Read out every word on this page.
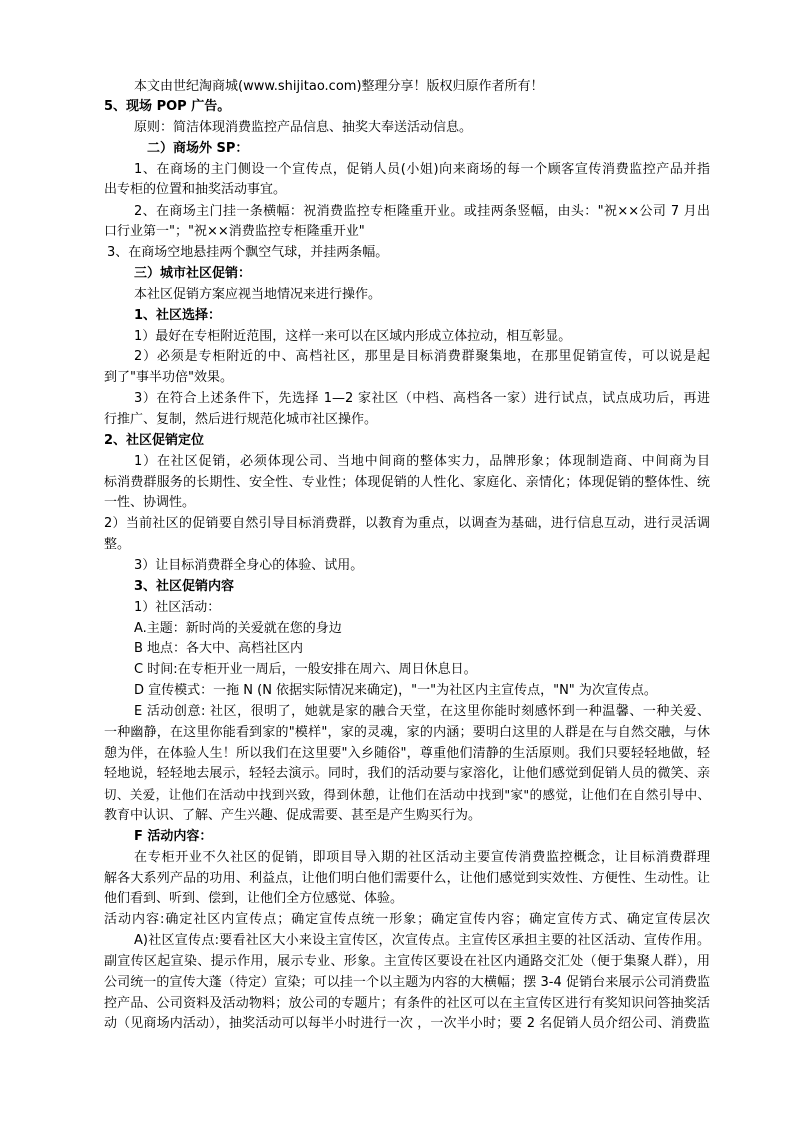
本文由世纪淘商城(www.shijitao.com)整理分享！版权归原作者所有！
5、现场 POP 广告。
原则：简洁体现消费监控产品信息、抽奖大奉送活动信息。
二）商场外 SP：
1、在商场的主门侧设一个宣传点，促销人员(小姐)向来商场的每一个顾客宣传消费监控产品并指
出专柜的位置和抽奖活动事宜。
2、在商场主门挂一条横幅：祝消费监控专柜隆重开业。或挂两条竖幅，由头："祝××公司 7 月出
口行业第一"；"祝××消费监控专柜隆重开业"
3、在商场空地悬挂两个飘空气球，并挂两条幅。
三）城市社区促销：
本社区促销方案应视当地情况来进行操作。
1、社区选择：
1）最好在专柜附近范围，这样一来可以在区域内形成立体拉动，相互彰显。
2）必须是专柜附近的中、高档社区，那里是目标消费群聚集地，在那里促销宣传，可以说是起
到了"事半功倍"效果。
3）在符合上述条件下，先选择 1—2 家社区（中档、高档各一家）进行试点，试点成功后，再进
行推广、复制，然后进行规范化城市社区操作。
2、社区促销定位
1）在社区促销，必须体现公司、当地中间商的整体实力，品牌形象；体现制造商、中间商为目
标消费群服务的长期性、安全性、专业性；体现促销的人性化、家庭化、亲情化；体现促销的整体性、统
一性、协调性。
2）当前社区的促销要自然引导目标消费群，以教育为重点，以调查为基础，进行信息互动，进行灵活调
整。
3）让目标消费群全身心的体验、试用。
3、社区促销内容
1）社区活动：
A.主题：新时尚的关爱就在您的身边
B 地点：各大中、高档社区内
C 时间:在专柜开业一周后，一般安排在周六、周日休息日。
D 宣传模式：一拖 N (N 依据实际情况来确定)，"一"为社区内主宣传点，"N" 为次宣传点。
E 活动创意: 社区，很明了，她就是家的融合天堂，在这里你能时刻感怀到一种温馨、一种关爱、
一种幽静，在这里你能看到家的"模样"，家的灵魂，家的内涵；要明白这里的人群是在与自然交融，与休
憩为伴，在体验人生！所以我们在这里要"入乡随俗"，尊重他们清静的生活原则。我们只要轻轻地做，轻
轻地说，轻轻地去展示，轻轻去演示。同时，我们的活动要与家溶化，让他们感觉到促销人员的微笑、亲
切、关爱，让他们在活动中找到兴致，得到休憩，让他们在活动中找到"家"的感觉，让他们在自然引导中、
教育中认识、了解、产生兴趣、促成需要、甚至是产生购买行为。
F 活动内容：
在专柜开业不久社区的促销，即项目导入期的社区活动主要宣传消费监控概念，让目标消费群理
解各大系列产品的功用、利益点，让他们明白他们需要什么，让他们感觉到实效性、方便性、生动性。让
他们看到、听到、偿到，让他们全方位感觉、体验。
活动内容:确定社区内宣传点；确定宣传点统一形象；确定宣传内容；确定宣传方式、确定宣传层次
A)社区宣传点:要看社区大小来设主宣传区，次宣传点。主宣传区承担主要的社区活动、宣传作用。
副宣传区起宣染、提示作用，展示专业、形象。主宣传区要设在社区内通路交汇处（便于集聚人群），用
公司统一的宣传大蓬（待定）宣染；可以挂一个以主题为内容的大横幅；摆 3-4 促销台来展示公司消费监
控产品、公司资料及活动物料；放公司的专题片；有条件的社区可以在主宣传区进行有奖知识问答抽奖活
动（见商场内活动），抽奖活动可以每半小时进行一次 ，一次半小时；要 2 名促销人员介绍公司、消费监
